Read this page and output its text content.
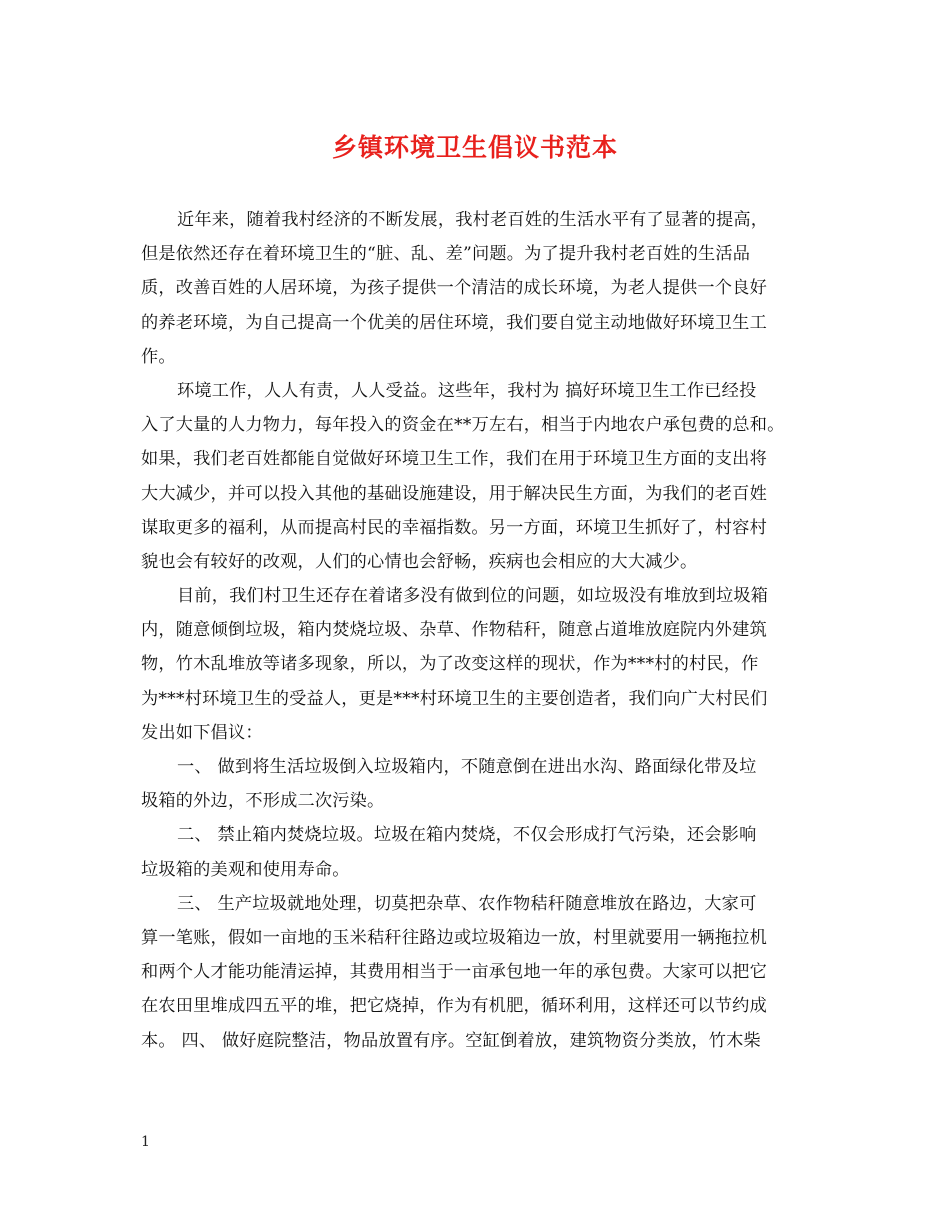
乡镇环境卫生倡议书范本
近年来，随着我村经济的不断发展，我村老百姓的生活水平有了显著的提高，
但是依然还存在着环境卫生的“脏、乱、差”问题。为了提升我村老百姓的生活品
质，改善百姓的人居环境，为孩子提供一个清洁的成长环境，为老人提供一个良好
的养老环境，为自己提高一个优美的居住环境，我们要自觉主动地做好环境卫生工
作。
环境工作，人人有责，人人受益。这些年，我村为 搞好环境卫生工作已经投
入了大量的人力物力，每年投入的资金在**万左右，相当于内地农户承包费的总和。
如果，我们老百姓都能自觉做好环境卫生工作，我们在用于环境卫生方面的支出将
大大减少，并可以投入其他的基础设施建设，用于解决民生方面，为我们的老百姓
谋取更多的福利，从而提高村民的幸福指数。另一方面，环境卫生抓好了，村容村
貌也会有较好的改观，人们的心情也会舒畅，疾病也会相应的大大减少。
目前，我们村卫生还存在着诸多没有做到位的问题，如垃圾没有堆放到垃圾箱
内，随意倾倒垃圾，箱内焚烧垃圾、杂草、作物秸秆，随意占道堆放庭院内外建筑
物，竹木乱堆放等诸多现象，所以，为了改变这样的现状，作为***村的村民，作
为***村环境卫生的受益人，更是***村环境卫生的主要创造者，我们向广大村民们
发出如下倡议：
一、 做到将生活垃圾倒入垃圾箱内，不随意倒在进出水沟、路面绿化带及垃
圾箱的外边，不形成二次污染。
二、 禁止箱内焚烧垃圾。垃圾在箱内焚烧，不仅会形成打气污染，还会影响
垃圾箱的美观和使用寿命。
三、 生产垃圾就地处理，切莫把杂草、农作物秸秆随意堆放在路边，大家可
算一笔账，假如一亩地的玉米秸秆往路边或垃圾箱边一放，村里就要用一辆拖拉机
和两个人才能功能清运掉，其费用相当于一亩承包地一年的承包费。大家可以把它
在农田里堆成四五平的堆，把它烧掉，作为有机肥，循环利用，这样还可以节约成
本。 四、 做好庭院整洁，物品放置有序。空缸倒着放，建筑物资分类放，竹木柴
1
